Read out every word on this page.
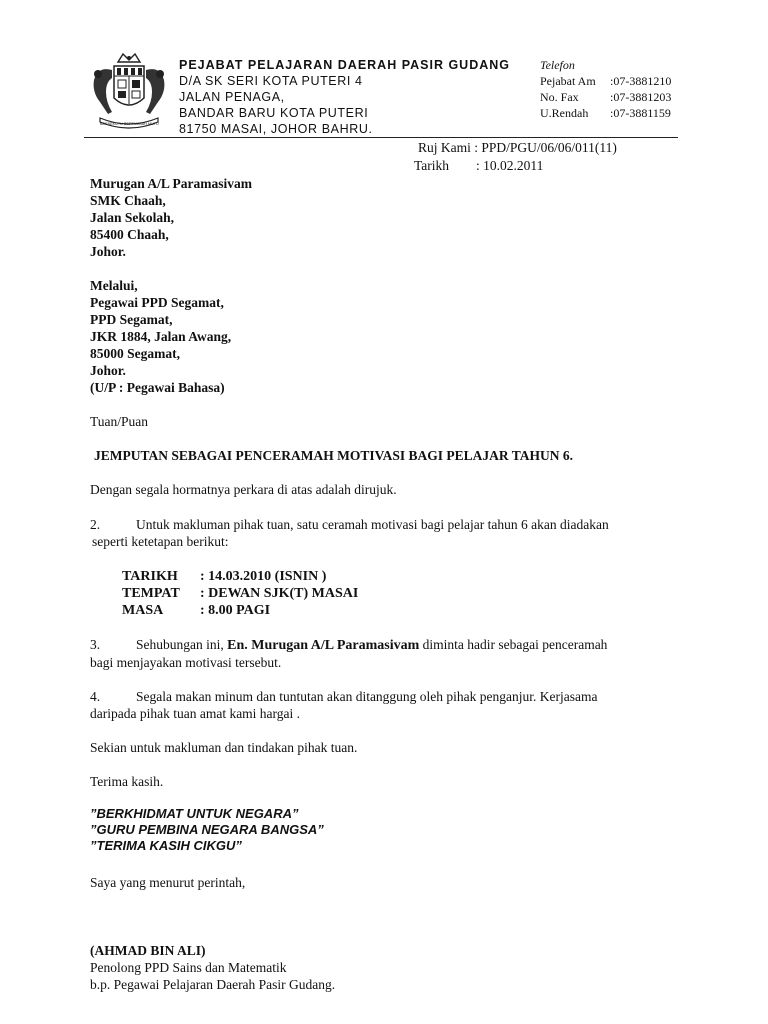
BERSEKUTU BERTAMBAH MUTU
PEJABAT PELAJARAN DAERAH PASIR GUDANG
D/A SK SERI KOTA PUTERI 4
JALAN PENAGA,
BANDAR BARU KOTA PUTERI
81750 MASAI, JOHOR BAHRU.
Telefon
Pejabat Am :07-3881210
No. Fax	:07-3881203
U.Rendah :07-3881159
Ruj Kami : PPD/PGU/06/06/011(11)
Tarikh : 10.02.2011
Murugan A/L Paramasivam
SMK Chaah,
Jalan Sekolah,
85400 Chaah,
Johor.
Melalui,
Pegawai PPD Segamat,
PPD Segamat,
JKR 1884, Jalan Awang,
85000 Segamat,
Johor.
(U/P : Pegawai Bahasa)
Tuan/Puan
JEMPUTAN SEBAGAI PENCERAMAH MOTIVASI BAGI PELAJAR TAHUN 6.
Dengan segala hormatnya perkara di atas adalah dirujuk.
2.	Untuk makluman pihak tuan, satu ceramah motivasi bagi pelajar tahun 6 akan diadakan
seperti ketetapan berikut:
TARIKH : 14.03.2010 (ISNIN )
TEMPAT : DEWAN SJK(T) MASAI
MASA	: 8.00 PAGI
3.	Sehubungan ini, En. Murugan A/L Paramasivam diminta hadir sebagai penceramah
bagi menjayakan motivasi tersebut.
4.	Segala makan minum dan tuntutan akan ditanggung oleh pihak penganjur. Kerjasama
daripada pihak tuan amat kami hargai .
Sekian untuk makluman dan tindakan pihak tuan.
Terima kasih.
”BERKHIDMAT UNTUK NEGARA”
”GURU PEMBINA NEGARA BANGSA”
”TERIMA KASIH CIKGU”
Saya yang menurut perintah,
(AHMAD BIN ALI)
Penolong PPD Sains dan Matematik
b.p. Pegawai Pelajaran Daerah Pasir Gudang.
